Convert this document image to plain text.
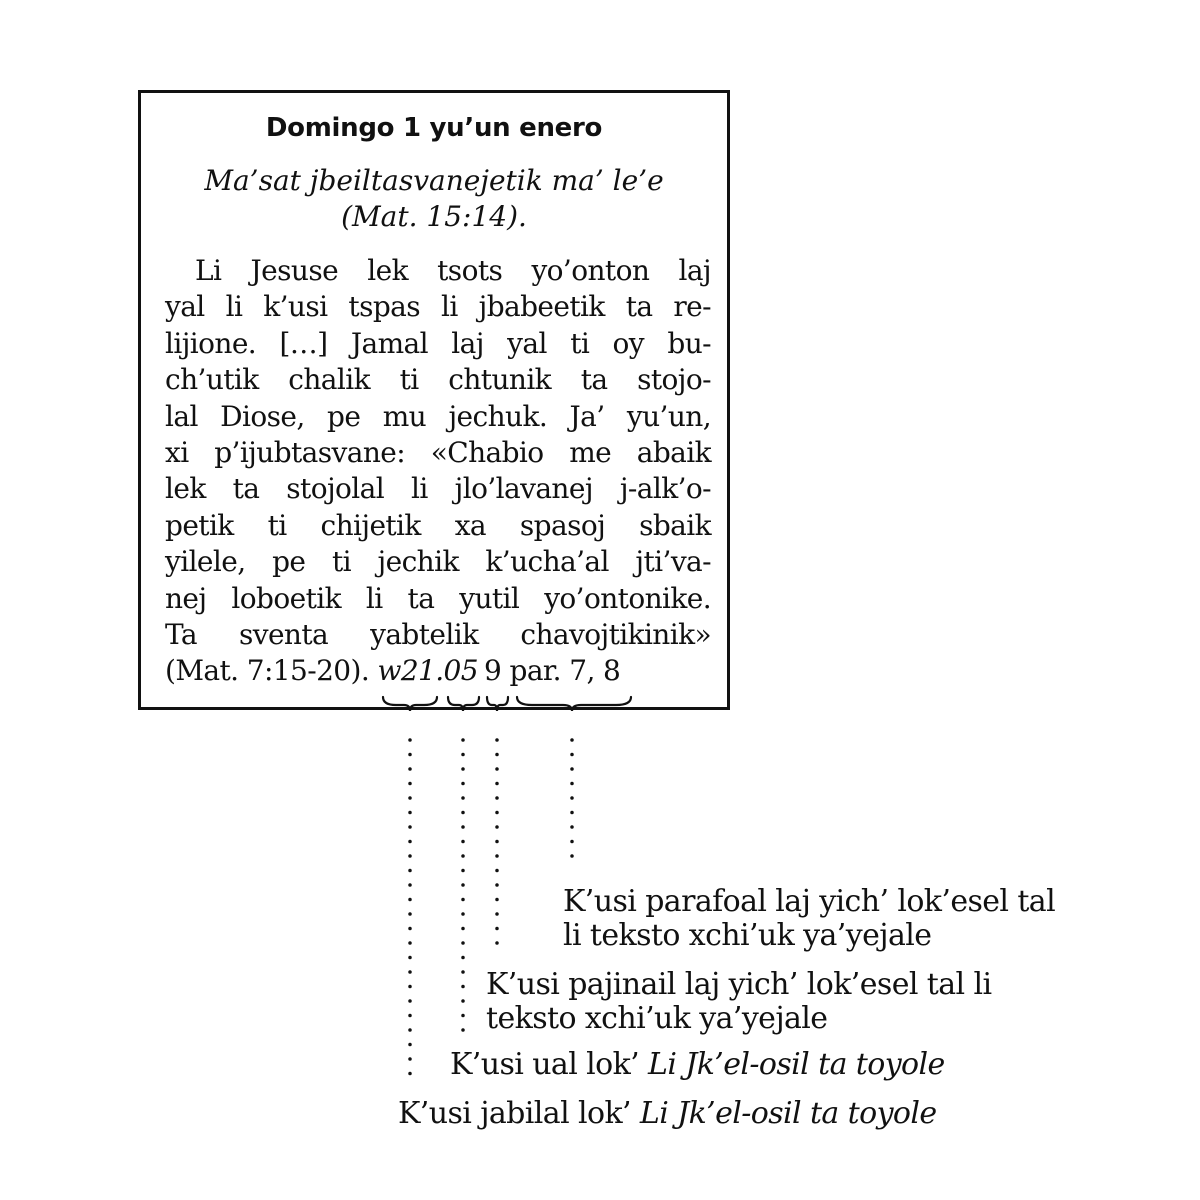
Domingo 1 yu’un enero
Ma’sat jbeiltasvanejetik ma’ le’e
(Mat. 15:14).
Li Jesuse lek tsots yo’onton laj
yal li k’usi tspas li jbabeetik ta re-
lijione. […] Jamal laj yal ti oy bu-
ch’utik chalik ti chtunik ta stojo-
lal Diose, pe mu jechuk. Ja’ yu’un,
xi p’ijubtasvane: «Chabio me abaik
lek ta stojolal li jlo’lavanej j-alk’o-
petik ti chijetik xa spasoj sbaik
yilele, pe ti jechik k’ucha’al jti’va-
nej loboetik li ta yutil yo’ontonike.
Ta sventa yabtelik chavojtikinik»
(Mat. 7:15-20). w21.05 9 par. 7, 8
K’usi parafoal laj yich’ lok’esel tal
li teksto xchi’uk ya’yejale
K’usi pajinail laj yich’ lok’esel tal li
teksto xchi’uk ya’yejale
K’usi ual lok’ Li Jk’el-osil ta toyole
K’usi jabilal lok’ Li Jk’el-osil ta toyole
